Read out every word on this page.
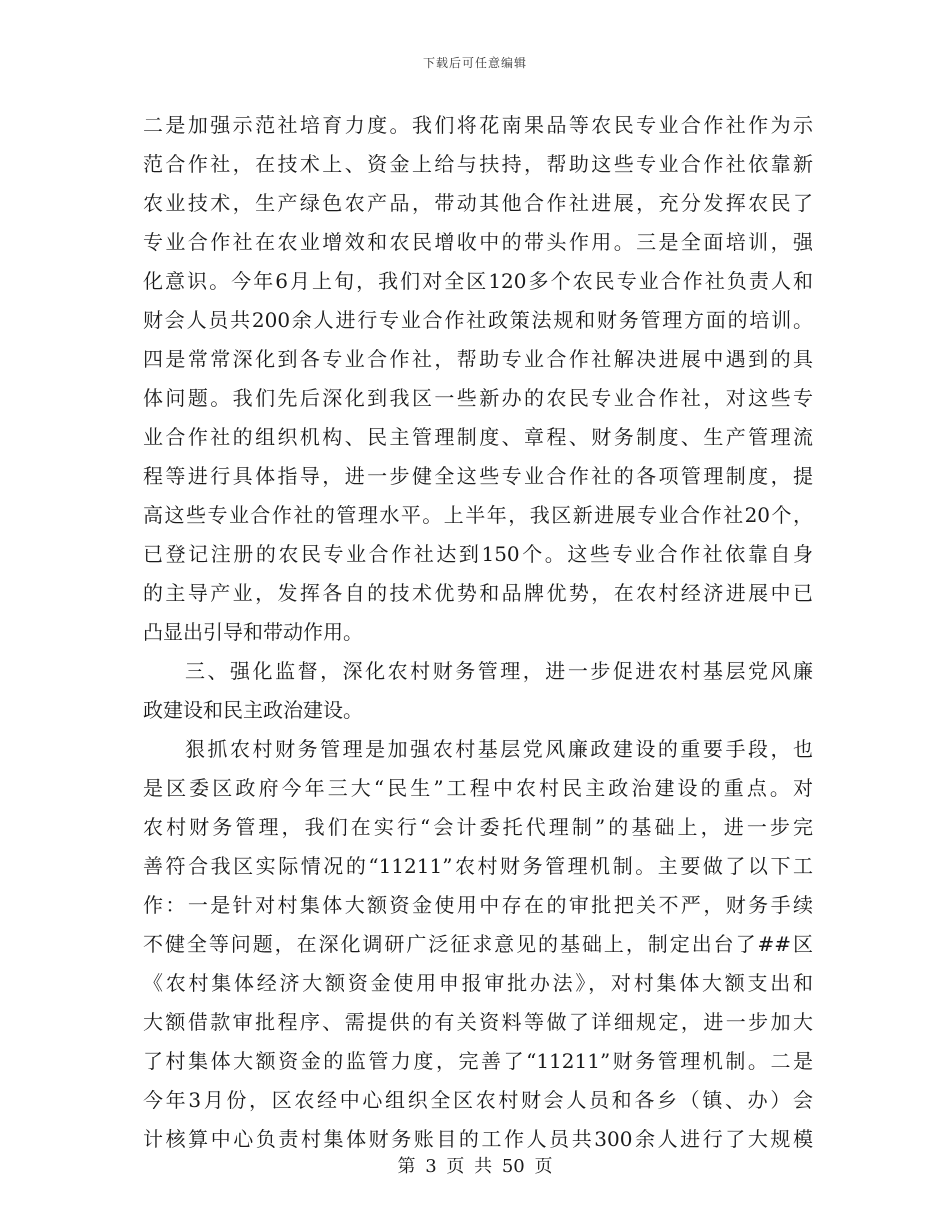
下载后可任意编辑
二是加强示范社培育力度。我们将花南果品等农民专业合作社作为示
范合作社，在技术上、资金上给与扶持，帮助这些专业合作社依靠新
农业技术，生产绿色农产品，带动其他合作社进展，充分发挥农民了
专业合作社在农业增效和农民增收中的带头作用。三是全面培训，强
化意识。今年6月上旬，我们对全区120多个农民专业合作社负责人和
财会人员共200余人进行专业合作社政策法规和财务管理方面的培训。
四是常常深化到各专业合作社，帮助专业合作社解决进展中遇到的具
体问题。我们先后深化到我区一些新办的农民专业合作社，对这些专
业合作社的组织机构、民主管理制度、章程、财务制度、生产管理流
程等进行具体指导，进一步健全这些专业合作社的各项管理制度，提
高这些专业合作社的管理水平。上半年，我区新进展专业合作社20个，
已登记注册的农民专业合作社达到150个。这些专业合作社依靠自身
的主导产业，发挥各自的技术优势和品牌优势，在农村经济进展中已
凸显出引导和带动作用。
三、强化监督，深化农村财务管理，进一步促进农村基层党风廉
政建设和民主政治建设。
狠抓农村财务管理是加强农村基层党风廉政建设的重要手段，也
是区委区政府今年三大“民生”工程中农村民主政治建设的重点。对
农村财务管理，我们在实行“会计委托代理制”的基础上，进一步完
善符合我区实际情况的“11211”农村财务管理机制。主要做了以下工
作：一是针对村集体大额资金使用中存在的审批把关不严，财务手续
不健全等问题，在深化调研广泛征求意见的基础上，制定出台了##区
《农村集体经济大额资金使用申报审批办法》，对村集体大额支出和
大额借款审批程序、需提供的有关资料等做了详细规定，进一步加大
了村集体大额资金的监管力度，完善了“11211”财务管理机制。二是
今年3月份，区农经中心组织全区农村财会人员和各乡（镇、办）会
计核算中心负责村集体财务账目的工作人员共300余人进行了大规模
第 3 页 共 50 页
